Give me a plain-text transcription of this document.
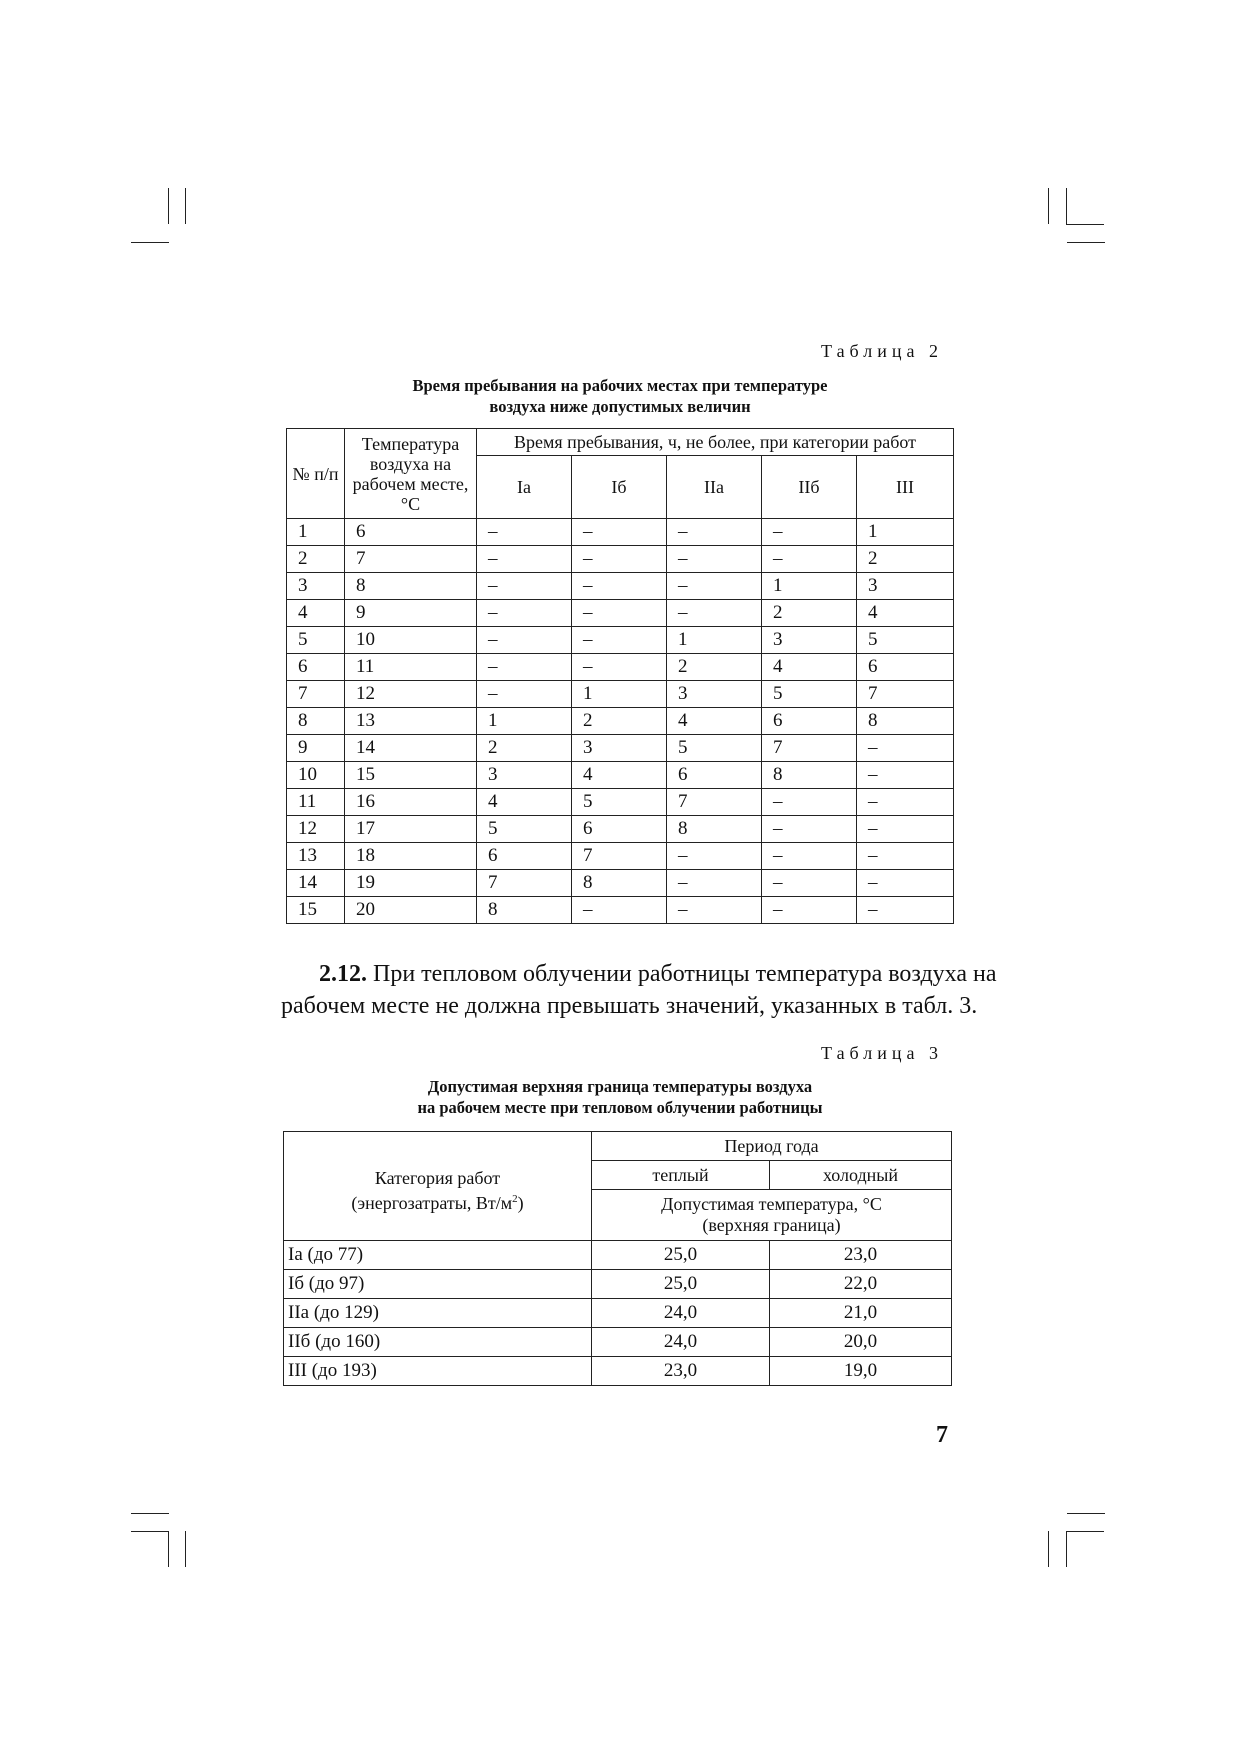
Таблица 2
Время пребывания на рабочих местах при температуре
воздуха ниже допустимых величин
№ п/п	Температура воздуха на рабочем месте, °С	Время пребывания, ч, не более, при категории работ				
		Iа	Iб	IIа	IIб	III
1	6	–	–	–	–	1
2	7	–	–	–	–	2
3	8	–	–	–	1	3
4	9	–	–	–	2	4
5	10	–	–	1	3	5
6	11	–	–	2	4	6
7	12	–	1	3	5	7
8	13	1	2	4	6	8
9	14	2	3	5	7	–
10	15	3	4	6	8	–
11	16	4	5	7	–	–
12	17	5	6	8	–	–
13	18	6	7	–	–	–
14	19	7	8	–	–	–
15	20	8	–	–	–	–
2.12. При тепловом облучении работницы температура воздуха на
рабочем месте не должна превышать значений, указанных в табл. 3.
Таблица 3
Допустимая верхняя граница температуры воздуха
на рабочем месте при тепловом облучении работницы
Категория работ
(энергозатраты, $Вт/м^2$)	Период года	
	теплый	холодный

	Допустимая температура, °С
(верхняя граница)	

Iа (до 77)	25,0	23,0
Iб (до 97)	25,0	22,0
IIа (до 129)	24,0	21,0
IIб (до 160)	24,0	20,0
III (до 193)	23,0	19,0
7
